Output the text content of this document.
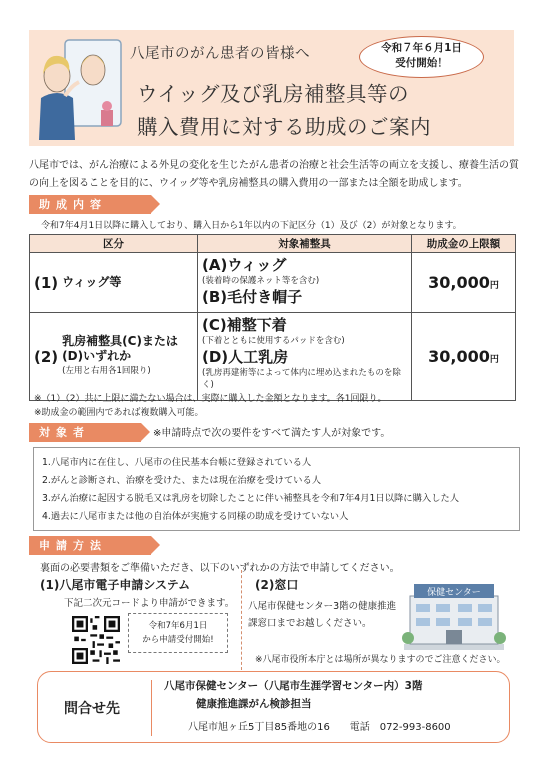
八尾市のがん患者の皆様へ
ウイッグ及び乳房補整具等の
購入費用に対する助成のご案内
令和７年６月1日
受付開始！
八尾市では、がん治療による外見の変化を生じたがん患者の治療と社会生活等の両立を支援し、療養生活の質の向上を図ることを目的に、ウイッグ等や乳房補整具の購入費用の一部または全額を助成します。
助成内容
令和7年4月1日以降に購入しており、購入日から1年以内の下記区分（1）及び（2）が対象となります。
区分	対象補整具	助成金の上限額
(1) ウィッグ等	(A)ウィッグ
(装着時の保護ネット等を含む)
(B)毛付き帽子	30,000円
(2)乳房補整具(C)または(D)いずれか
(左用と右用各1回限り)	(C)補整下着
(下着とともに使用するパッドを含む)
(D)人工乳房
(乳房再建術等によって体内に埋め込まれたものを除く)	30,000円
※（1）（2）共に上限に満たない場合は、実際に購入した金額となります。各1回限り。
※助成金の範囲内であれば複数購入可能。
対象者	※申請時点で次の要件をすべて満たす人が対象です。
1.八尾市内に在住し、八尾市の住民基本台帳に登録されている人
2.がんと診断され、治療を受けた、または現在治療を受けている人
3.がん治療に起因する脱毛又は乳房を切除したことに伴い補整具を令和7年4月1日以降に購入した人
4.過去に八尾市または他の自治体が実施する同様の助成を受けていない人
申請方法
裏面の必要書類をご準備いただき、以下のいずれかの方法で申請してください。
(1)八尾市電子申請システム
下記二次元コードより申請ができます。
令和7年6月1日
から申請受付開始!
(2)窓口
八尾市保健センター3階の健康推進課窓口までお越しください。
保健センター
※八尾市役所本庁とは場所が異なりますのでご注意ください。
問合せ先
八尾市保健センター（八尾市生涯学習センター内）3階
健康推進課がん検診担当
八尾市旭ヶ丘5丁目85番地の16　　電話　072-993-8600
